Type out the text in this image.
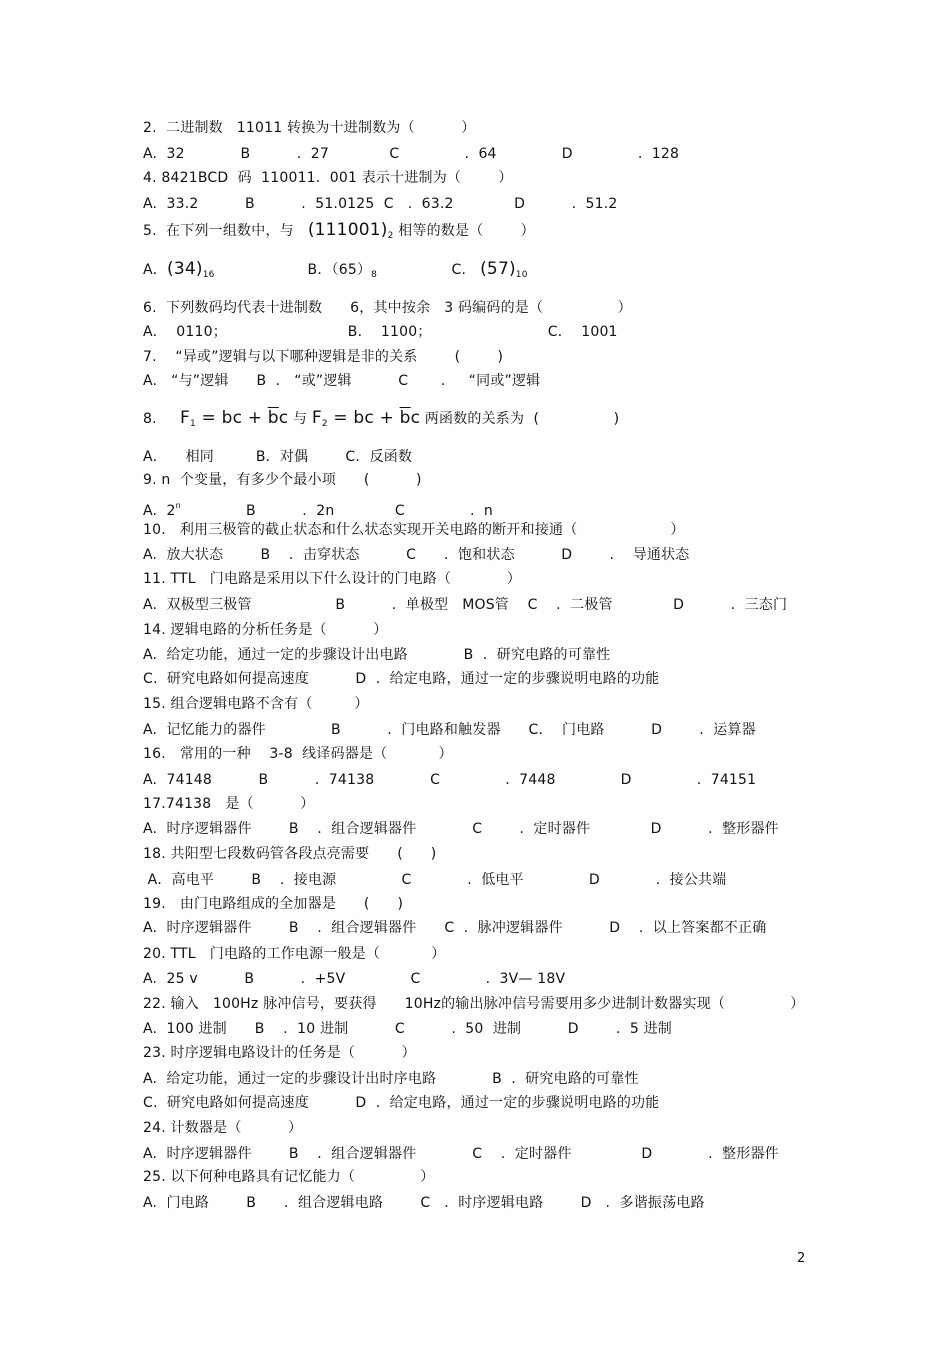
2.  二进制数   11011 转换为十进制数为（          ）
A.  32            B          .  27             C              .  64              D              .  128
4. 8421BCD  码  110011.  001 表示十进制为（        ）
A.  33.2          B          .  51.0125  C   .  63.2             D          .  51.2
5.  在下列一组数中，与   $(111001)_2$ 相等的数是（        ）
A．$(34)_{16}$                    B．$(65)_8$                C.   $(57)_{10}$
6.  下列数码均代表十进制数      6，其中按余   3 码编码的是（                ）
A．  0110；                          B.    1100；                         C．  1001
7.    “异或”逻辑与以下哪种逻辑是非的关系        (        )
A.   “与”逻辑      B  .   “或”逻辑          C       .     “同或”逻辑
8.     $F_1$ = bc + $\overline{b}c$ 与 $F_2$ = bc + $\overline{b}c$ 两函数的关系为  (                )
A．    相同         B．对偶        C．反函数
9. n  个变量，有多少个最小项      (          )
A.  2$^n$              B          .  2n             C              .  n
10.   利用三极管的截止状态和什么状态实现开关电路的断开和接通（                    ）
A.  放大状态        B    .  击穿状态          C      .  饱和状态          D        .    导通状态
11. TTL   门电路是采用以下什么设计的门电路（            ）
A.  双极型三极管                  B          .  单极型   MOS管    C    .  二极管             D          .  三态门
14. 逻辑电路的分析任务是（          ）
A.  给定功能，通过一定的步骤设计出电路            B  .  研究电路的可靠性
C.  研究电路如何提高速度          D  .  给定电路，通过一定的步骤说明电路的功能
15. 组合逻辑电路不含有（         ）
A.  记忆能力的器件              B          .  门电路和触发器      C．  门电路          D        .  运算器
16.   常用的一种    3-8  线译码器是（           ）
A.  74148          B          .  74138            C              .  7448              D              .  74151
17.74138   是（          ）
A.  时序逻辑器件        B    .  组合逻辑器件            C        .  定时器件             D          .  整形器件
18. 共阳型七段数码管各段点亮需要      (      )
A．高电平        B    .  接电源              C            .  低电平              D            .  接公共端
19.   由门电路组成的全加器是      (      )
A.  时序逻辑器件        B    .  组合逻辑器件      C  .  脉冲逻辑器件          D    .  以上答案都不正确
20. TTL   门电路的工作电源一般是（           ）
A.  25 v          B          .  +5V              C              .  3V— 18V
22. 输入   100Hz 脉冲信号，要获得      10Hz的输出脉冲信号需要用多少进制计数器实现（              ）
A.  100 进制      B    .  10 进制          C          .  50  进制          D        .  5 进制
23. 时序逻辑电路设计的任务是（          ）
A.  给定功能，通过一定的步骤设计出时序电路            B  .  研究电路的可靠性
C.  研究电路如何提高速度          D  .  给定电路，通过一定的步骤说明电路的功能
24. 计数器是（          ）
A.  时序逻辑器件        B    .  组合逻辑器件            C    .  定时器件               D            .  整形器件
25. 以下何种电路具有记忆能力（              ）
A.  门电路        B      .  组合逻辑电路        C   .  时序逻辑电路        D   .  多谐振荡电路
2
